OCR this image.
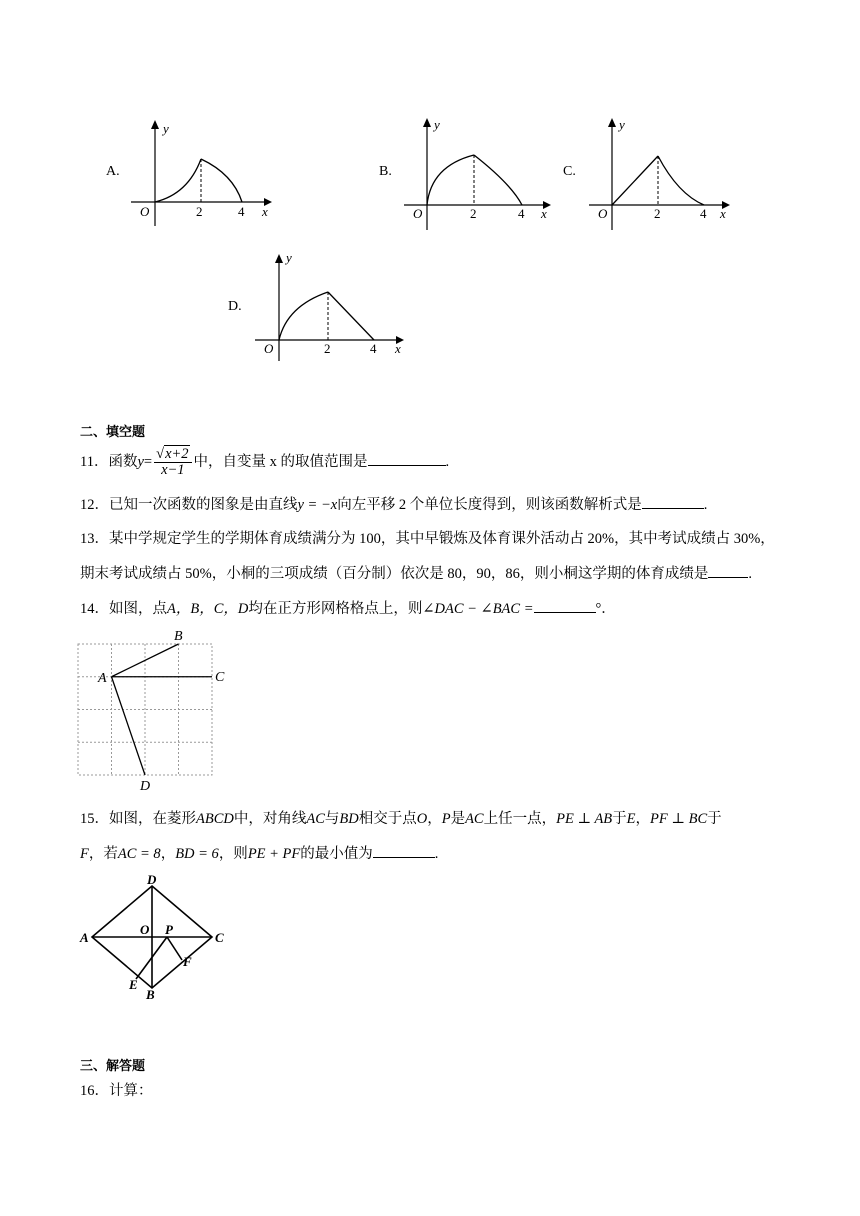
A.
y
x
O	2	4
B.
y
x
O	2	4
C.
y
x
O	2	4
D.
y
x
O	2	4
二、填空题
11．函数$y= \frac{√x+2}{x-1}$ 中，自变量 x 的取值范围是	.
12．已知一次函数的图象是由直线y = −x向左平移 2 个单位长度得到，则该函数解析式是	.
13．某中学规定学生的学期体育成绩满分为 100，其中早锻炼及体育课外活动占 20%，其中考试成绩占 30%，
期末考试成绩占 50%，小桐的三项成绩（百分制）依次是 80，90，86，则小桐这学期的体育成绩是	.
14．如图，点A，B，C，D均在正方形网格格点上，则∠DAC − ∠BAC =	°．
B
A	C
D
15．如图，在菱形ABCD中，对角线AC与BD相交于点O，P是AC上任一点，PE ⊥ AB于E，PF ⊥ BC于
F，若AC = 8，BD = 6，则PE + PF的最小值为	.
D
A	C
O P
F
E
B
三、解答题
16．计算：
